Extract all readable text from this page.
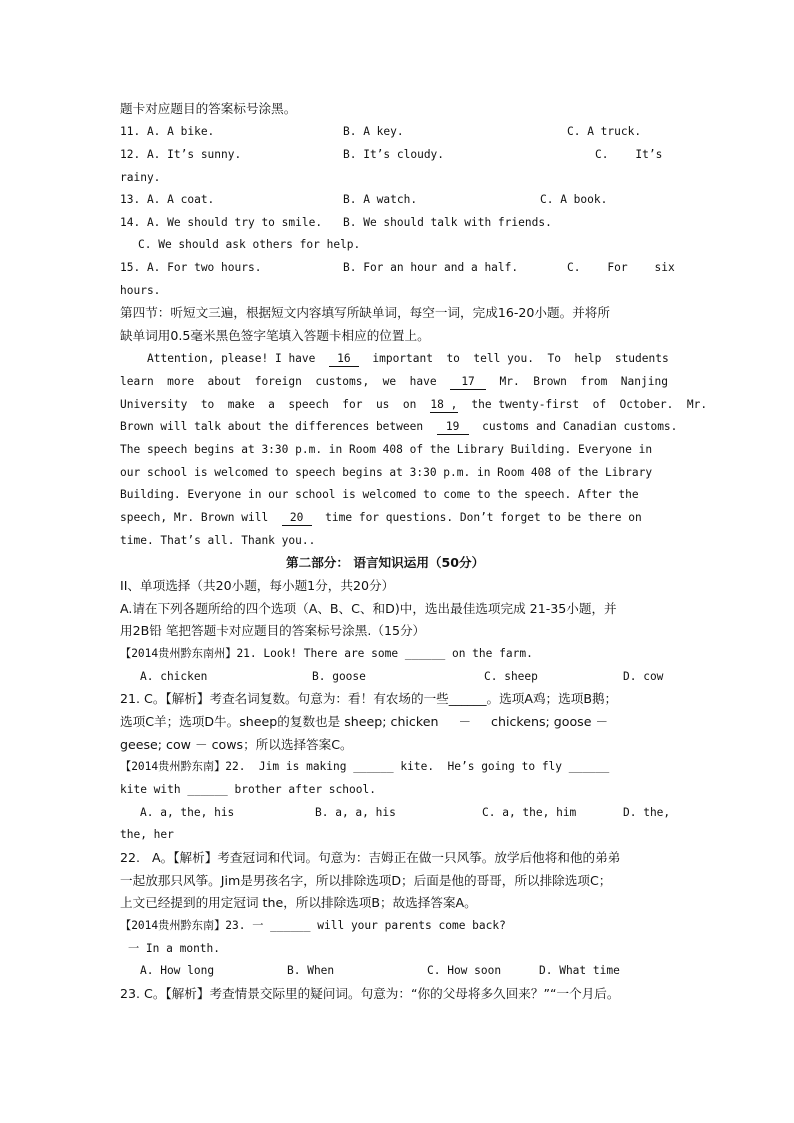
题卡对应题目的答案标号涂黑。
11. A. A bike.	B. A key.	C. A truck.
12. A. It’s sunny.	B. It’s cloudy.	C.    It’s
rainy.
13. A. A coat.	B. A watch.	C. A book.
14. A. We should try to smile. B. We should talk with friends.
C. We should ask others for help.
15. A. For two hours.	B. For an hour and a half.	C.    For    six
hours.
第四节：听短文三遍，根据短文内容填写所缺单词，每空一词，完成16-20小题。并将所
缺单词用0.5毫米黑色签字笔填入答题卡相应的位置上。
Attention, please! I have 16 important  to  tell you.  To  help  students
learn  more  about  foreign  customs,  we  have 17 Mr.  Brown  from  Nanjing
University  to  make  a  speech  for  us  on 18 , the twenty-first  of  October.  Mr.
Brown will talk about the differences between 19 customs and Canadian customs.
The speech begins at 3:30 p.m. in Room 408 of the Library Building. Everyone in
our school is welcomed to speech begins at 3:30 p.m. in Room 408 of the Library
Building. Everyone in our school is welcomed to come to the speech. After the
speech, Mr. Brown will 20 time for questions. Don’t forget to be there on
time. That’s all. Thank you..
第二部分： 语言知识运用（50分）
II、单项选择（共20小题，每小题1分，共20分）
A.请在下列各题所给的四个选项（A、B、C、和D)中，选出最佳选项完成 21-35小题，并
用2B铅 笔把答题卡对应题目的答案标号涂黑.（15分）
【2014贵州黔东南州】21. Look! There are some ______ on the farm.
A. chicken	B. goose	C. sheep	D. cow
21. C。【解析】考查名词复数。句意为：看！有农场的一些______。选项A鸡；选项B鹅；
选项C羊；选项D牛。sheep的复数也是 sheep; chicken     －     chickens; goose －
geese; cow － cows；所以选择答案C。
【2014贵州黔东南】22.  Jim is making ______ kite.  He’s going to fly ______
kite with ______ brother after school.
A. a, the, his	B. a, a, his	C. a, the, him	D. the,
the, her
22.   A。【解析】考查冠词和代词。句意为：吉姆正在做一只风筝。放学后他将和他的弟弟
一起放那只风筝。Jim是男孩名字，所以排除选项D；后面是他的哥哥，所以排除选项C；
上文已经提到的用定冠词 the，所以排除选项B；故选择答案A。
【2014贵州黔东南】23. 一 ______ will your parents come back?
一 In a month.
A. How long	B. When	C. How soon	D. What time
23. C。【解析】考查情景交际里的疑问词。句意为：“你的父母将多久回来？”“一个月后。
